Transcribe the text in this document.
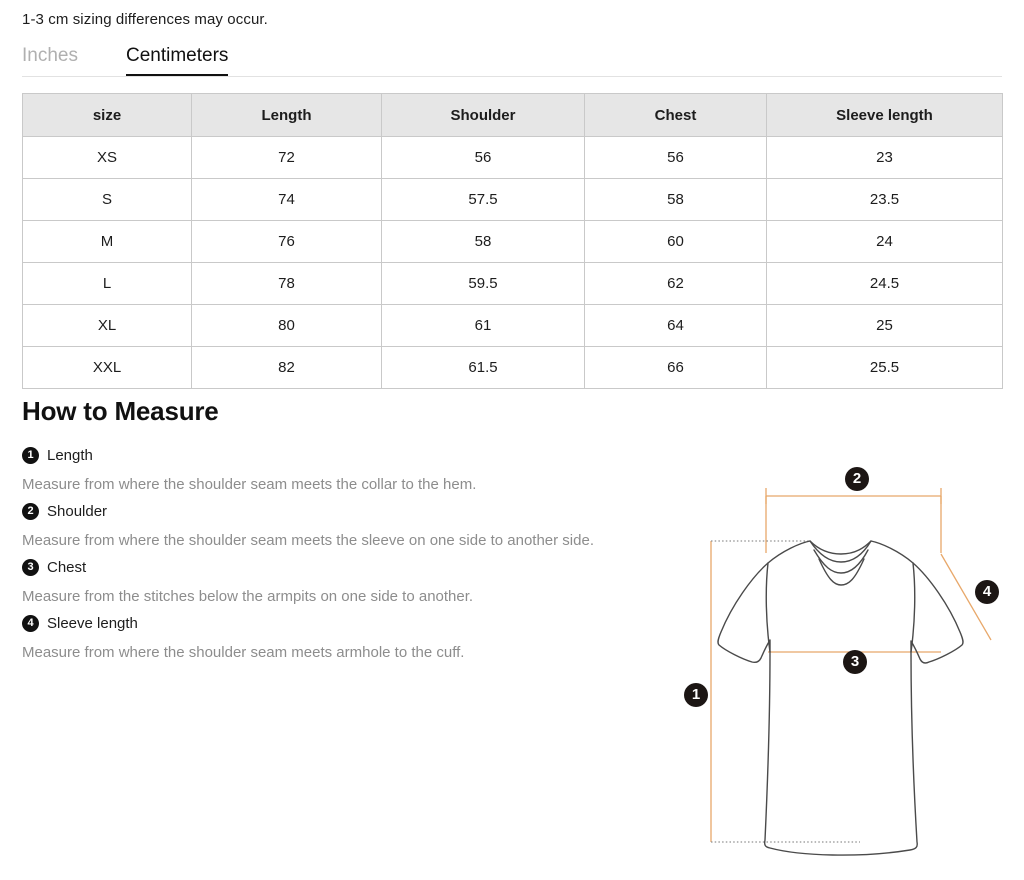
1-3 cm sizing differences may occur.
Inches	Centimeters
size	Length	Shoulder	Chest	Sleeve length
XS	72	56	56	23
S	74	57.5	58	23.5
M	76	58	60	24
L	78	59.5	62	24.5
XL	80	61	64	25
XXL	82	61.5	66	25.5
How to Measure
1 Length

Measure from where the shoulder seam meets the collar to the hem.

2 Shoulder

Measure from where the shoulder seam meets the sleeve on one side to another side.

3 Chest

Measure from the stitches below the armpits on one side to another.

4 Sleeve length

Measure from where the shoulder seam meets armhole to the cuff.

1
2
3
4
